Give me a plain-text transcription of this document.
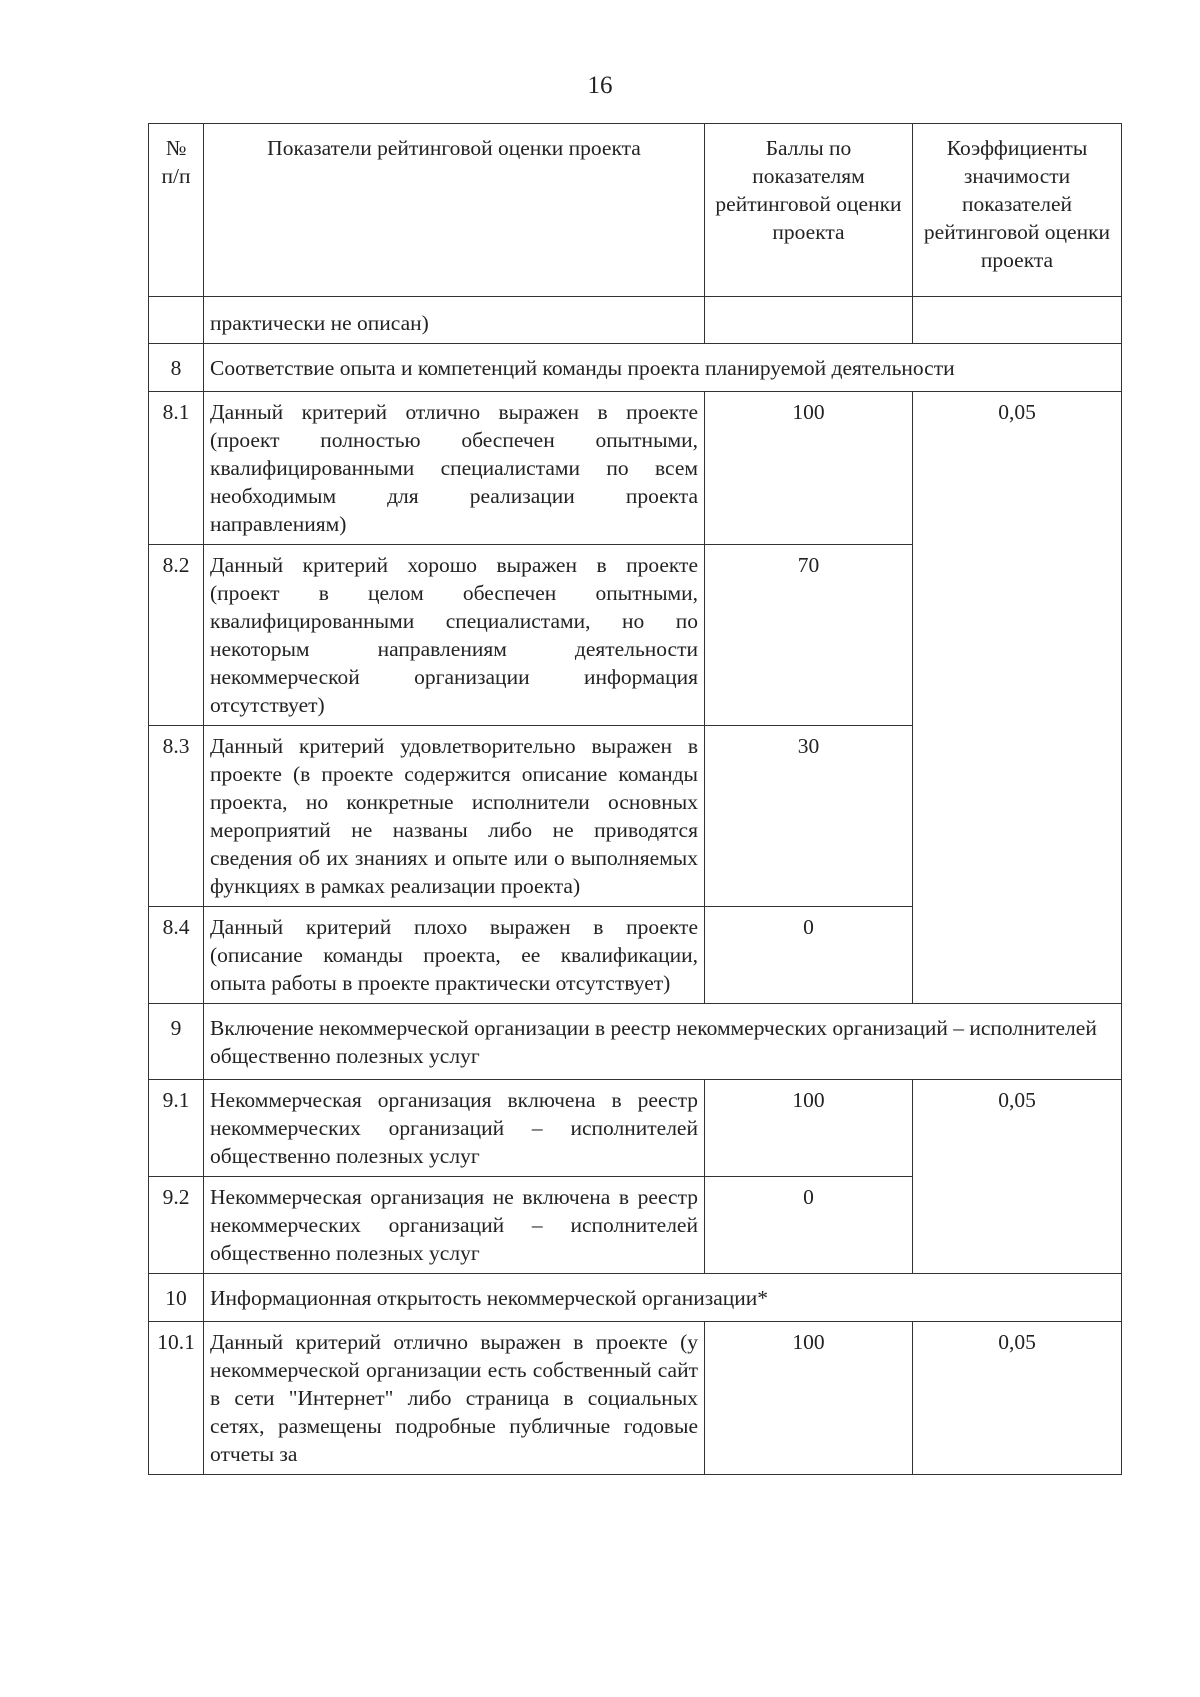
16
№ п/п	Показатели рейтинговой оценки проекта	Баллы по показателям рейтинговой оценки проекта	Коэффициенты значимости показателей рейтинговой оценки проекта
	практически не описан)		
8	Соответствие опыта и компетенций команды проекта планируемой деятельности		
8.1	Данный критерий отлично выражен в проекте (проект полностью обеспечен опытными, квалифицированными специалистами по всем необходимым для реализации проекта направлениям)	100	0,05
8.2	Данный критерий хорошо выражен в проекте (проект в целом обеспечен опытными, квалифицированными специалистами, но по некоторым направлениям деятельности некоммерческой организации информация отсутствует)	70	
8.3	Данный критерий удовлетворительно выражен в проекте (в проекте содержится описание команды проекта, но конкретные исполнители основных мероприятий не названы либо не приводятся сведения об их знаниях и опыте или о выполняемых функциях в рамках реализации проекта)	30	
8.4	Данный критерий плохо выражен в проекте (описание команды проекта, ее квалификации, опыта работы в проекте практически отсутствует)	0	
9	Включение некоммерческой организации в реестр некоммерческих организаций – исполнителей общественно полезных услуг		
9.1	Некоммерческая организация включена в реестр некоммерческих организаций – исполнителей общественно полезных услуг	100	0,05
9.2	Некоммерческая организация не включена в реестр некоммерческих организаций – исполнителей общественно полезных услуг	0	
10	Информационная открытость некоммерческой организации*		
10.1	Данный критерий отлично выражен в проекте (у некоммерческой организации есть собственный сайт в сети "Интернет" либо страница в социальных сетях, размещены подробные публичные годовые отчеты за	100	0,05
